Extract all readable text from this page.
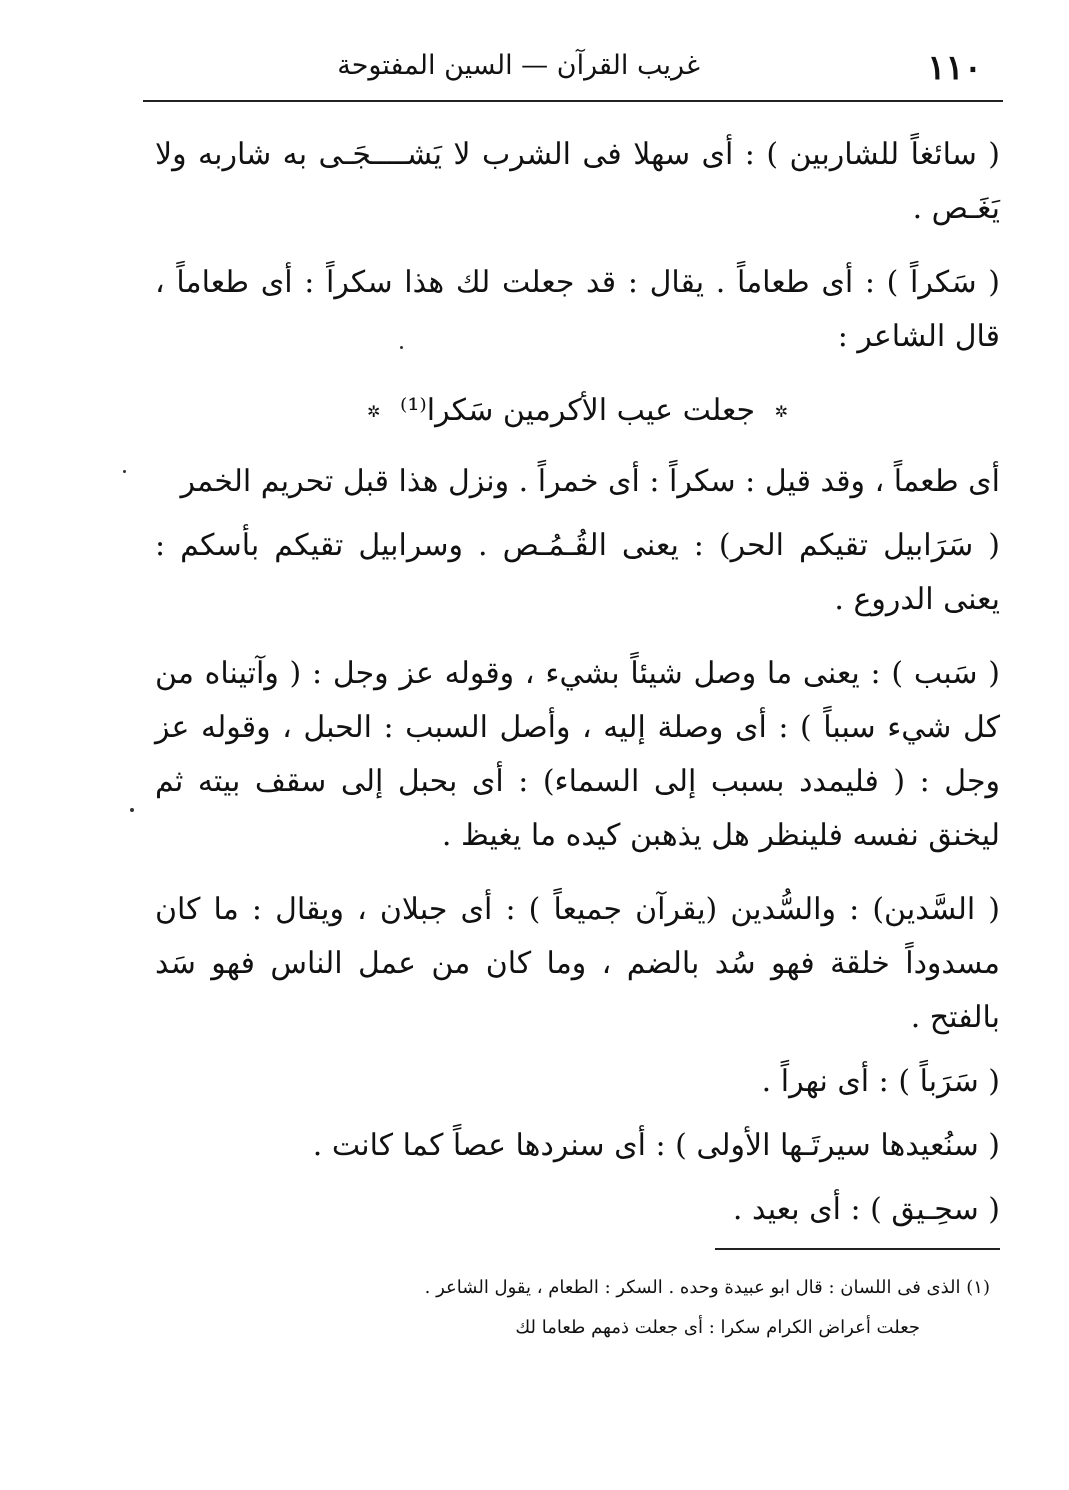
١١٠
غريب القرآن — السين المفتوحة

( سائغاً للشاربين ) : أى سهلا فى الشرب لا يَشــــجَـى به شاربه ولا يَغَـص .

( سَكراً ) : أى طعاماً . يقال : قد جعلت لك هذا سكراً : أى طعاماً ، قال الشاعر :

✲ جعلت عيب الأكرمين سَكرا⁽¹⁾ ✲

أى طعماً ، وقد قيل : سكراً : أى خمراً . ونزل هذا قبل تحريم الخمر

( سَرَابيل تقيكم الحر) : يعنى القُـمُـص . وسرابيل تقيكم بأسكم : يعنى الدروع .

( سَبب ) : يعنى ما وصل شيئاً بشيء ، وقوله عز وجل : ( وآتيناه من كل شيء سبباً ) : أى وصلة إليه ، وأصل السبب : الحبل ، وقوله عز وجل : ( فليمدد بسبب إلى السماء) : أى بحبل إلى سقف بيته ثم ليخنق نفسه فلينظر هل يذهبن كيده ما يغيظ .

( السَّدين) : والسُّدين (يقرآن جميعاً ) : أى جبلان ، ويقال : ما كان مسدوداً خلقة فهو سُد بالضم ، وما كان من عمل الناس فهو سَد بالفتح .

( سَرَباً ) : أى نهراً .

( سنُعيدها سيرتَـها الأولى ) : أى سنردها عصاً كما كانت .

( سحِـيق ) : أى بعيد .

(١) الذى فى اللسان : قال ابو عبيدة وحده . السكر : الطعام ، يقول الشاعر .
جعلت أعراض الكرام سكرا : أى جعلت ذمهم طعاما لك
